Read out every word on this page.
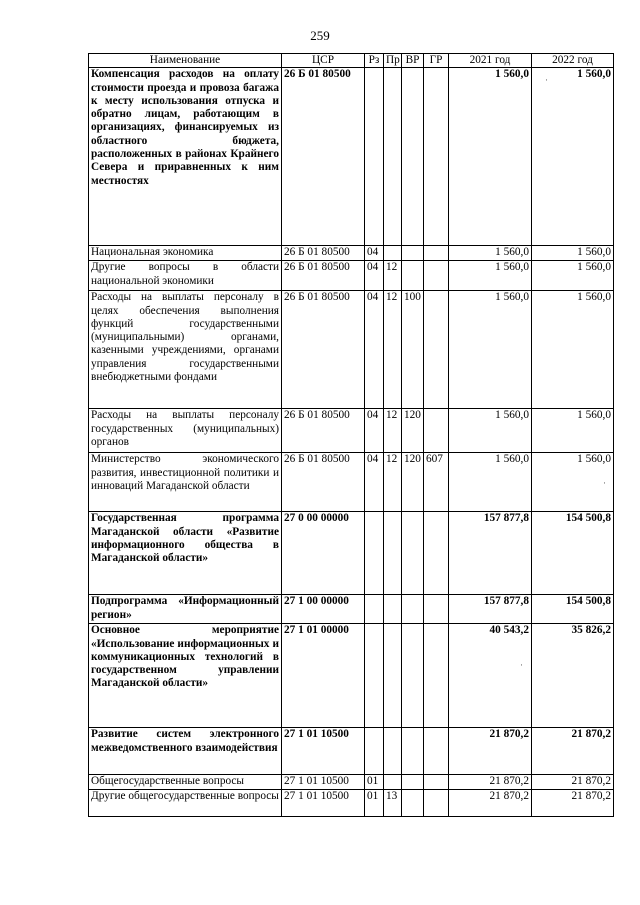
259
Наименование	ЦСР	Рз	Пр	ВР	ГР	2021 год	2022 год
Компенсация расходов на оплату стоимости проезда и провоза багажа к месту использования отпуска и обратно лицам, работающим в организациях, финансируемых из областного бюджета, расположенных в районах Крайнего Севера и приравненных к ним местностях	26 Б 01 80500					1 560,0	1 560,0
Национальная экономика	26 Б 01 80500	04				1 560,0	1 560,0
Другие вопросы в области национальной экономики	26 Б 01 80500	04	12			1 560,0	1 560,0
Расходы на выплаты персоналу в целях обеспечения выполнения функций государственными (муниципальными) органами, казенными учреждениями, органами управления государственными внебюджетными фондами	26 Б 01 80500	04	12	100		1 560,0	1 560,0
Расходы на выплаты персоналу государственных (муниципальных) органов	26 Б 01 80500	04	12	120		1 560,0	1 560,0
Министерство экономического развития, инвестиционной политики и инноваций Магаданской области	26 Б 01 80500	04	12	120	607	1 560,0	1 560,0
Государственная программа Магаданской области «Развитие информационного общества в Магаданской области»	27 0 00 00000					157 877,8	154 500,8
Подпрограмма «Информационный регион»	27 1 00 00000					157 877,8	154 500,8
Основное мероприятие «Использование информационных и коммуникационных технологий в государственном управлении Магаданской области»	27 1 01 00000					40 543,2	35 826,2
Развитие систем электронного межведомственного взаимодействия	27 1 01 10500					21 870,2	21 870,2
Общегосударственные вопросы	27 1 01 10500	01				21 870,2	21 870,2
Другие общегосударственные вопросы	27 1 01 10500	01	13			21 870,2	21 870,2
·
·
·
